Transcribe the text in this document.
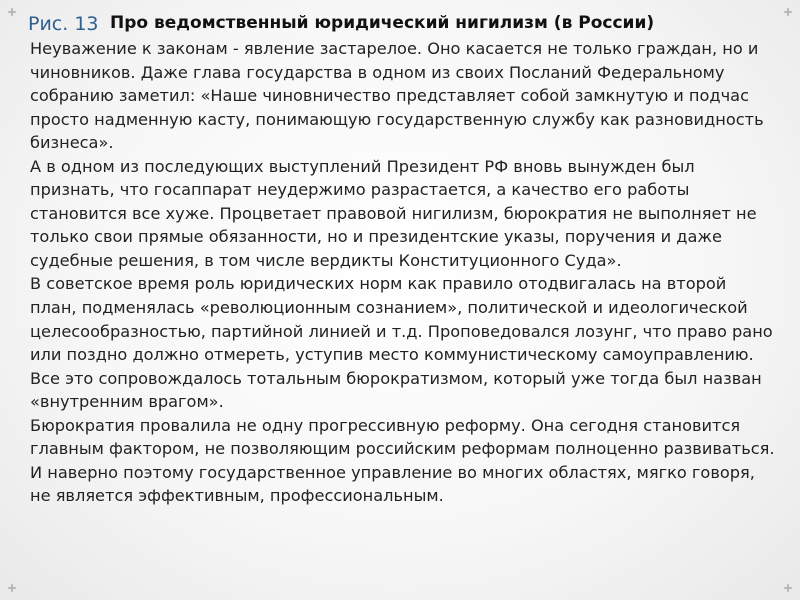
Рис. 13 Про ведомственный юридический нигилизм (в России)

Неуважение к законам - явление застарелое. Оно касается не только граждан, но и чиновников. Даже глава государства в одном из своих Посланий Федеральному собранию заметил: «Наше чиновничество представляет собой замкнутую и подчас просто надменную касту, понимающую государственную службу как разновидность бизнеса».

А в одном из последующих выступлений Президент РФ вновь вынужден был признать, что госаппарат неудержимо разрастается, а качество его работы становится все хуже. Процветает правовой нигилизм, бюрократия не выполняет не только свои прямые обязанности, но и президентские указы, поручения и даже судебные решения, в том числе вердикты Конституционного Суда».

В советское время роль юридических норм как правило отодвигалась на второй план, подменялась «революционным сознанием», политической и идеологической целесообразностью, партийной линией и т.д. Проповедовался лозунг, что право рано или поздно должно отмереть, уступив место коммунистическому самоуправлению. Все это сопровождалось тотальным бюрократизмом, который уже тогда был назван «внутренним врагом».

Бюрократия провалила не одну прогрессивную реформу. Она сегодня становится главным фактором, не позволяющим российским реформам полноценно развиваться. И наверно поэтому государственное управление во многих областях, мягко говоря, не является эффективным, профессиональным.
